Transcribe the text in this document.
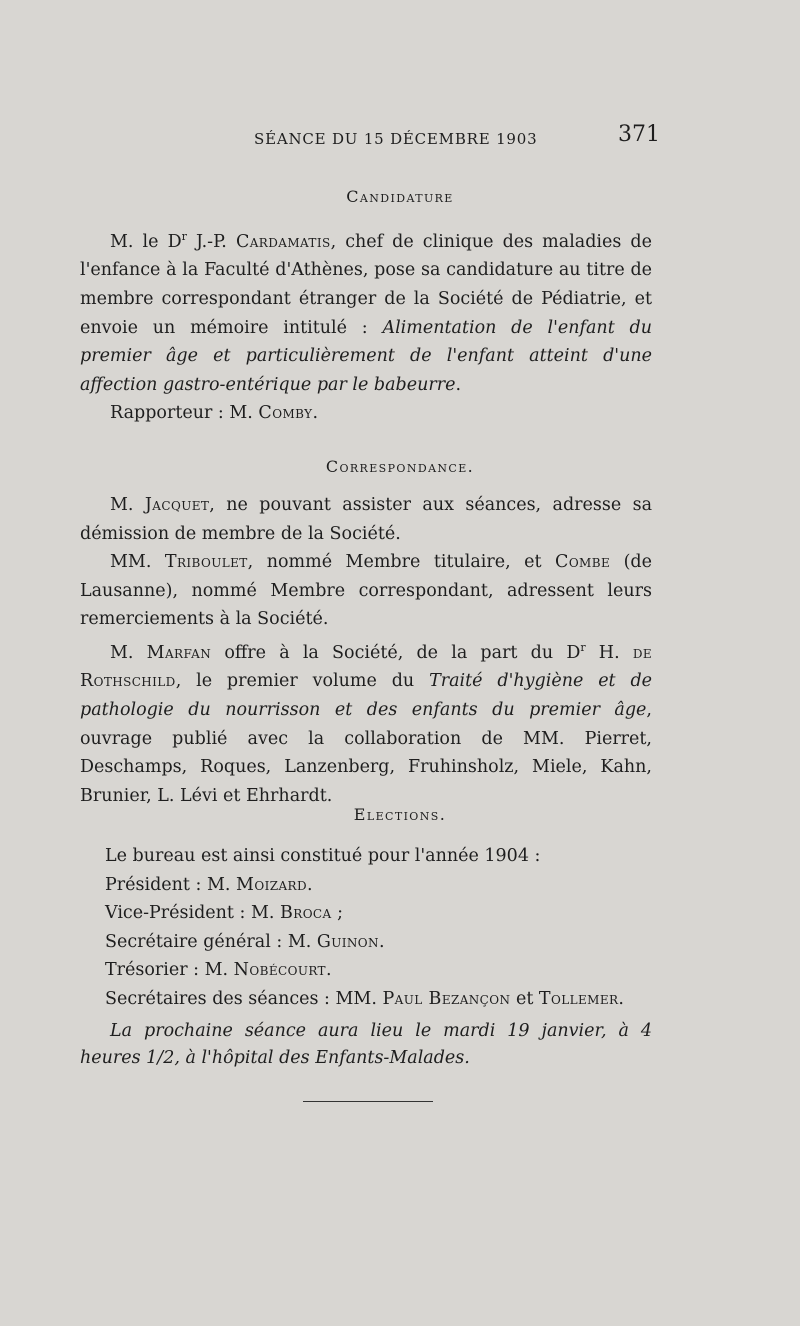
SÉANCE DU 15 DÉCEMBRE 1903	371
Candidature

M. le $D^r$ J.-P. Cardamatis, chef de clinique des maladies de l'enfance à la Faculté d'Athènes, pose sa candidature au titre de membre correspondant étranger de la Société de Pédiatrie, et envoie un mémoire intitulé : Alimentation de l'enfant du premier âge et particulièrement de l'enfant atteint d'une affection gastro-entérique par le babeurre.

Rapporteur : M. Comby.

Correspondance.

M. Jacquet, ne pouvant assister aux séances, adresse sa démission de membre de la Société.

MM. Triboulet, nommé Membre titulaire, et Combe (de Lausanne), nommé Membre correspondant, adressent leurs remerciements à la Société.

M. Marfan offre à la Société, de la part du $D^r$ H. de Rothschild, le premier volume du Traité d'hygiène et de pathologie du nourrisson et des enfants du premier âge, ouvrage publié avec la collaboration de MM. Pierret, Deschamps, Roques, Lanzenberg, Fruhinsholz, Miele, Kahn, Brunier, L. Lévi et Ehrhardt.

Elections.

Le bureau est ainsi constitué pour l'année 1904 :

Président : M. Moizard.

Vice-Président : M. Broca ;

Secrétaire général : M. Guinon.

Trésorier : M. Nobécourt.

Secrétaires des séances : MM. Paul Bezançon et Tollemer.

La prochaine séance aura lieu le mardi 19 janvier, à 4 heures 1/2, à l'hôpital des Enfants-Malades.
